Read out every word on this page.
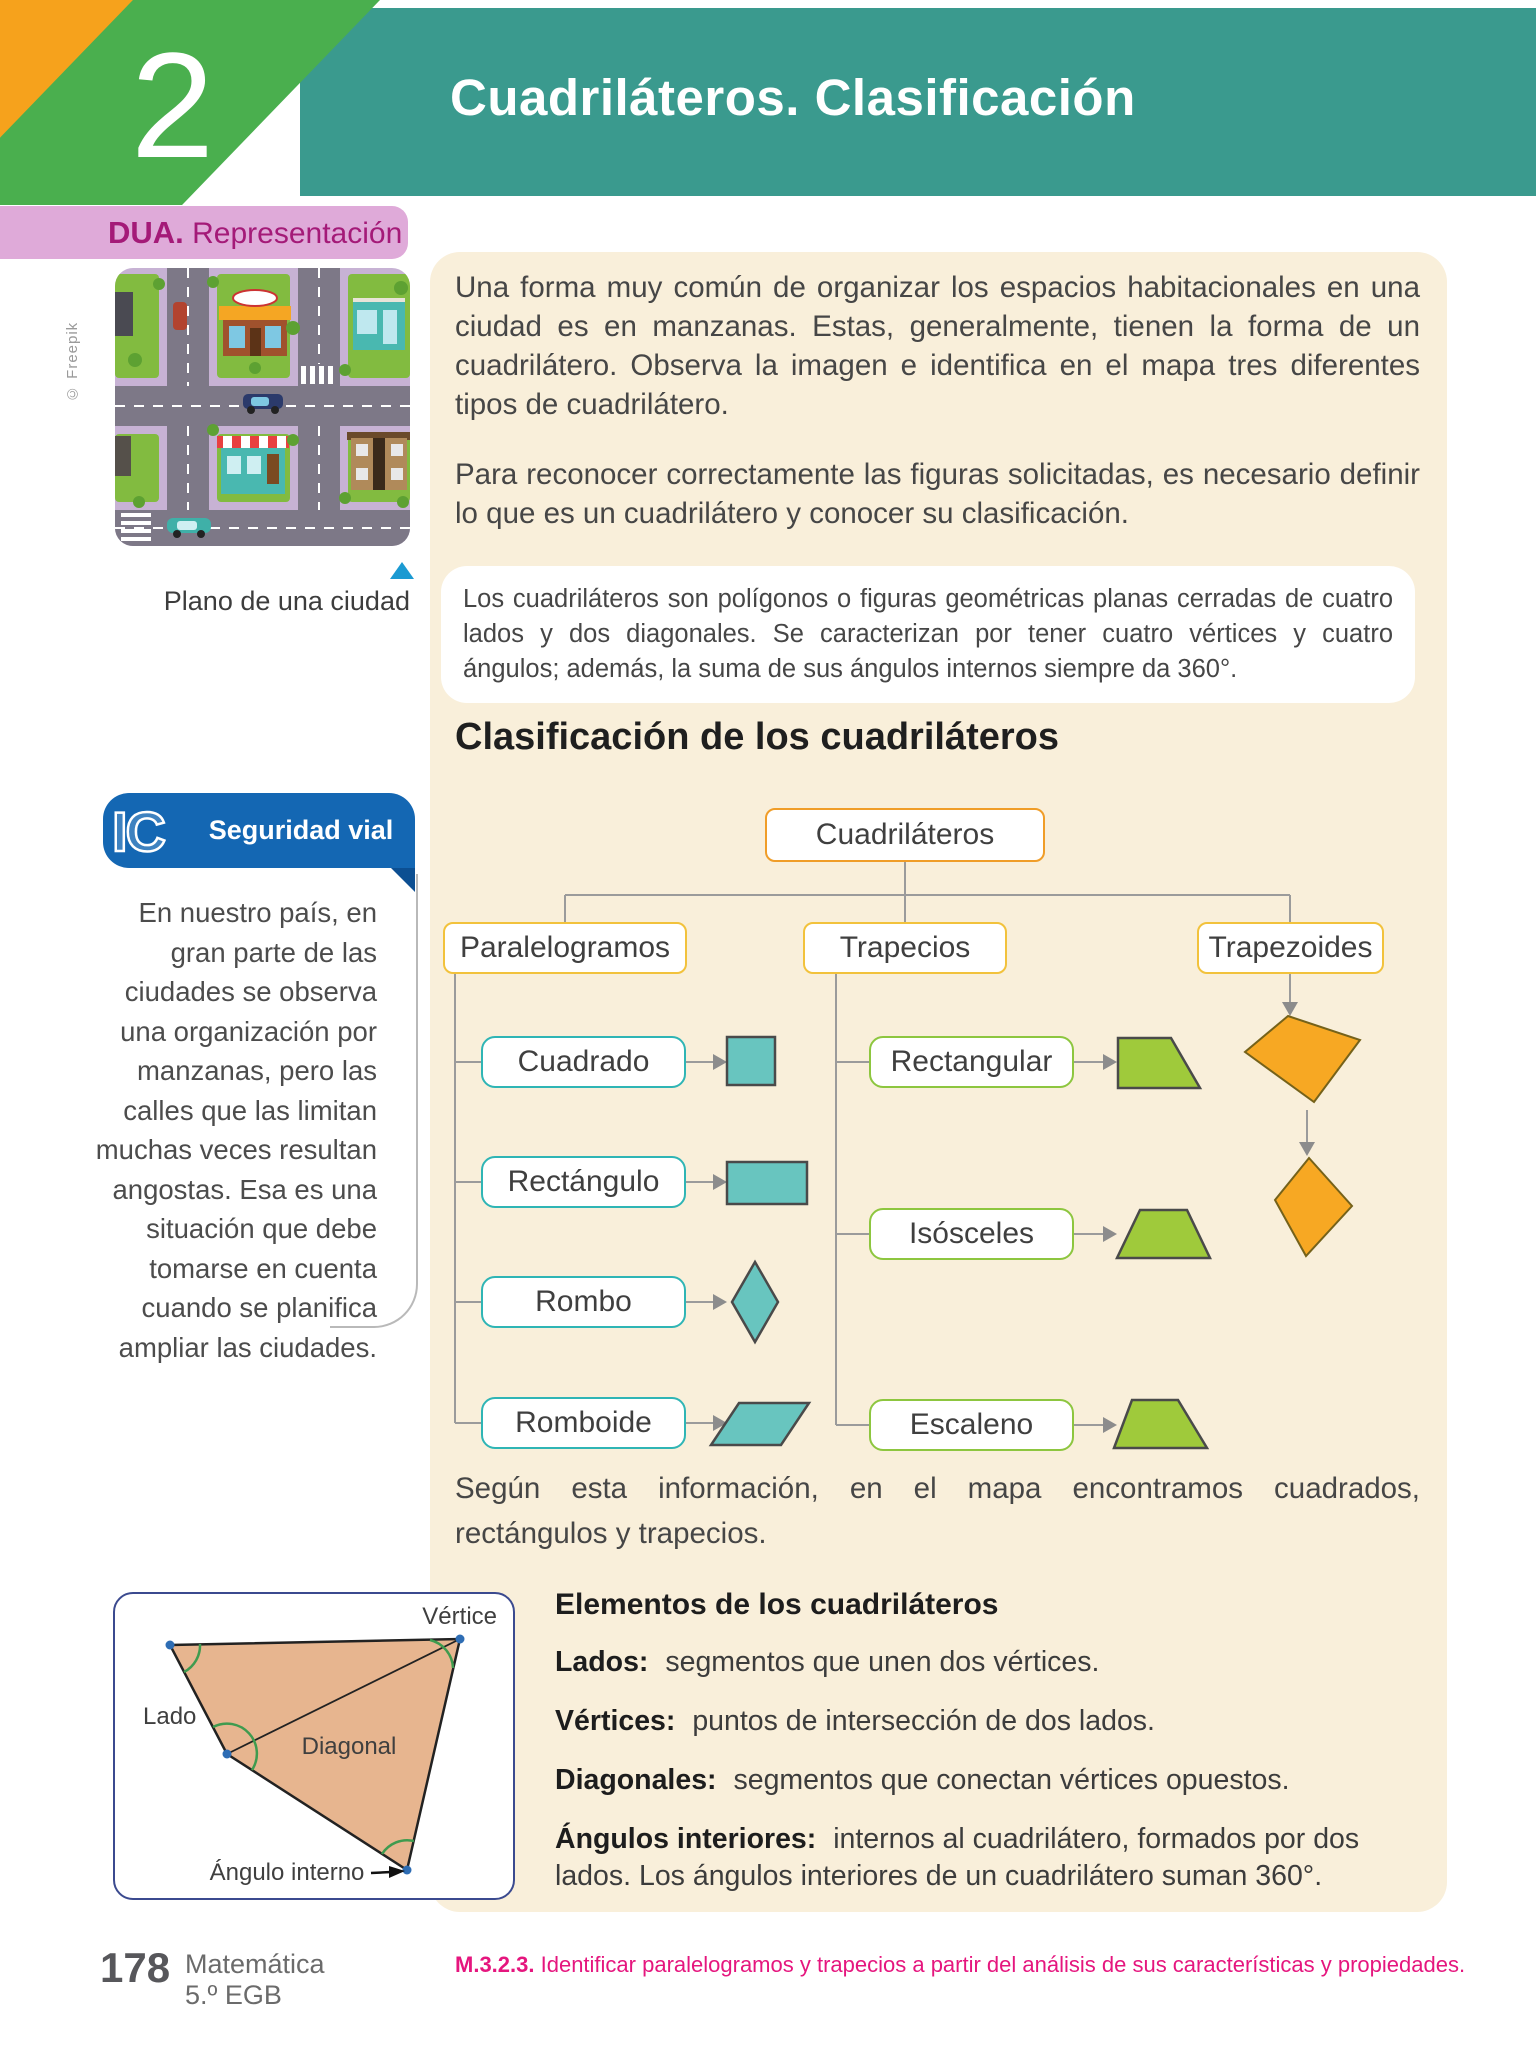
2	Cuadriláteros. Clasificación
DUA. Representación
© Freepik
Plano de una ciudad
IC	Seguridad vial
En nuestro país, en gran parte de las ciudades se observa una organización por manzanas, pero las calles que las limitan muchas veces resultan angostas. Esa es una situación que debe tomarse en cuenta cuando se planifica ampliar las ciudades.

Una forma muy común de organizar los espacios habitacionales en una ciudad es en manzanas. Estas, generalmente, tienen la forma de un cuadrilátero. Observa la imagen e identifica en el mapa tres diferentes tipos de cuadrilátero.

Para reconocer correctamente las figuras solicitadas, es necesario definir lo que es un cuadrilátero y conocer su clasificación.

Los cuadriláteros son polígonos o figuras geométricas planas cerradas de cuatro lados y dos diagonales. Se caracterizan por tener cuatro vértices y cuatro ángulos; además, la suma de sus ángulos internos siempre da 360°.
Clasificación de los cuadriláteros
Cuadriláteros
Paralelogramos	Trapecios	Trapezoides
Cuadrado
Rectángulo
Rombo
Romboide
Rectangular
Isósceles
Escaleno

Según esta información, en el mapa encontramos cuadrados,
rectángulos y trapecios.

Vértice
Lado
Diagonal
Ángulo interno

Elementos de los cuadriláteros

Lados: segmentos que unen dos vértices.

Vértices: puntos de intersección de dos lados.

Diagonales: segmentos que conectan vértices opuestos.

Ángulos interiores: internos al cuadrilátero, formados por dos lados. Los ángulos interiores de un cuadrilátero suman 360°.

178 Matemática
5.º EGB
M.3.2.3. Identificar paralelogramos y trapecios a partir del análisis de sus características y propiedades.
